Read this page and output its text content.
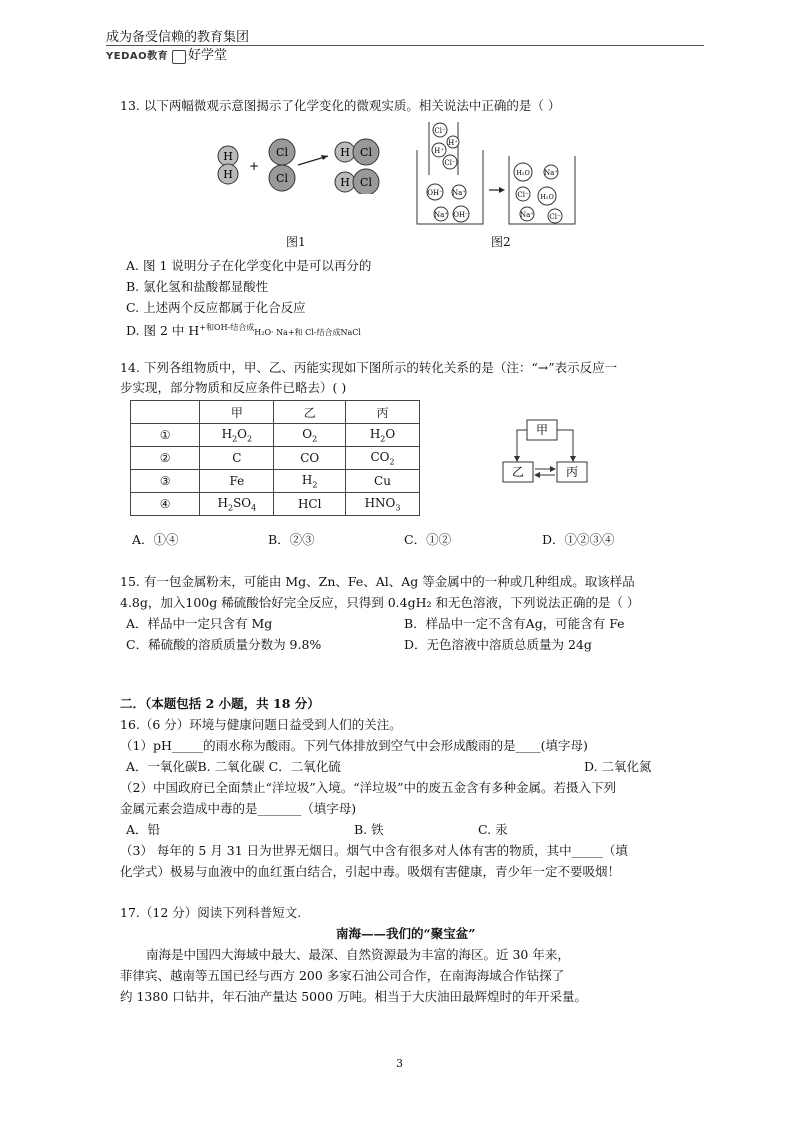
成为备受信赖的教育集团
YEDAO教育 好学堂
13. 以下两幅微观示意图揭示了化学变化的微观实质。相关说法中正确的是（ ）
H
H
+
Cl
Cl
H Cl
H Cl
Cl⁻
H⁺
H⁺
Cl⁻
OH⁻ Na⁺
Na⁺ OH⁻
H₂O Na⁺
Cl⁻ H₂O
Na⁺ Cl⁻
图1	图2
A. 图 1 说明分子在化学变化中是可以再分的
B. 氯化氢和盐酸都显酸性
C. 上述两个反应都属于化合反应
D. 图 2 中 $H^{+和OH-结合成}H_2O\cdot Na+$和 Cl-结合成NaCl
14. 下列各组物质中，甲、乙、丙能实现如下图所示的转化关系的是（注：“→”表示反应一
步实现，部分物质和反应条件已略去）( )
	甲	乙	丙
①	$H_2O_2$	$O_2$	$H_2O$
②	C	CO	$CO_2$
③	Fe	$H_2$	Cu
④	$H_2SO_4$	HCl	$HNO_3$
甲
乙	丙
A．①④	B．②③	C．①②	D．①②③④
15. 有一包金属粉末，可能由 Mg、Zn、Fe、Al、Ag 等金属中的一种或几种组成。取该样品
4.8g，加入100g 稀硫酸恰好完全反应，只得到 0.4gH₂ 和无色溶液，下列说法正确的是（ ）
A．样品中一定只含有 Mg	B．样品中一定不含有Ag，可能含有 Fe
C．稀硫酸的溶质质量分数为 9.8%	D．无色溶液中溶质总质量为 24g
二．（本题包括 2 小题，共 18 分）
16.（6 分）环境与健康问题日益受到人们的关注。
（1）pH_____的雨水称为酸雨。下列气体排放到空气中会形成酸雨的是____(填字母)
A．一氧化碳B. 二氧化碳 C．二氧化硫	D. 二氧化氮
（2）中国政府已全面禁止“洋垃圾”入境。“洋垃圾”中的废五金含有多种金属。若摄入下列
金属元素会造成中毒的是_______（填字母)
A．铅	B. 铁	C. 汞
（3） 每年的 5 月 31 日为世界无烟日。烟气中含有很多对人体有害的物质，其中_____（填
化学式）极易与血液中的血红蛋白结合，引起中毒。吸烟有害健康，青少年一定不要吸烟！
17.（12 分）阅读下列科普短文.
南海——我们的“聚宝盆”
南海是中国四大海域中最大、最深、自然资源最为丰富的海区。近 30 年来，
菲律宾、越南等五国已经与西方 200 多家石油公司合作，在南海海域合作钻探了
约 1380 口钻井，年石油产量达 5000 万吨。相当于大庆油田最辉煌时的年开采量。
3
